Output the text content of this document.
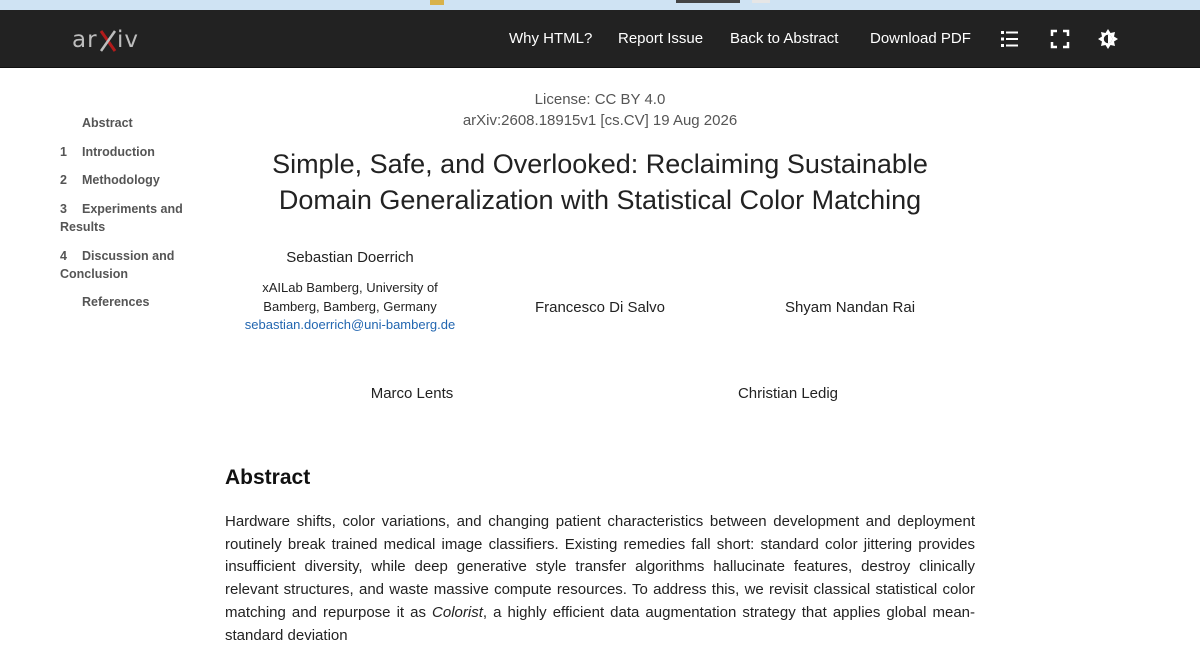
ar iv	Why HTML? Report Issue Back to Abstract Download PDF
Abstract
1 Introduction
2 Methodology
3 Experiments and Results
4 Discussion and Conclusion
References
License: CC BY 4.0
arXiv:2608.18915v1 [cs.CV] 19 Aug 2026
Simple, Safe, and Overlooked: Reclaiming Sustainable
Domain Generalization with Statistical Color Matching
Sebastian Doerrich
xAILab Bamberg, University of
Bamberg, Bamberg, Germany
sebastian.doerrich@uni-bamberg.de
Francesco Di Salvo	Shyam Nandan Rai
Marco Lents	Christian Ledig
Abstract

Hardware shifts, color variations, and changing patient characteristics between development and deployment routinely break trained medical image classifiers. Existing remedies fall short: standard color jittering provides insufficient diversity, while deep generative style transfer algorithms hallucinate features, destroy clinically relevant structures, and waste massive compute resources. To address this, we revisit classical statistical color matching and repurpose it as Colorist, a highly efficient data augmentation strategy that applies global mean-standard deviation
